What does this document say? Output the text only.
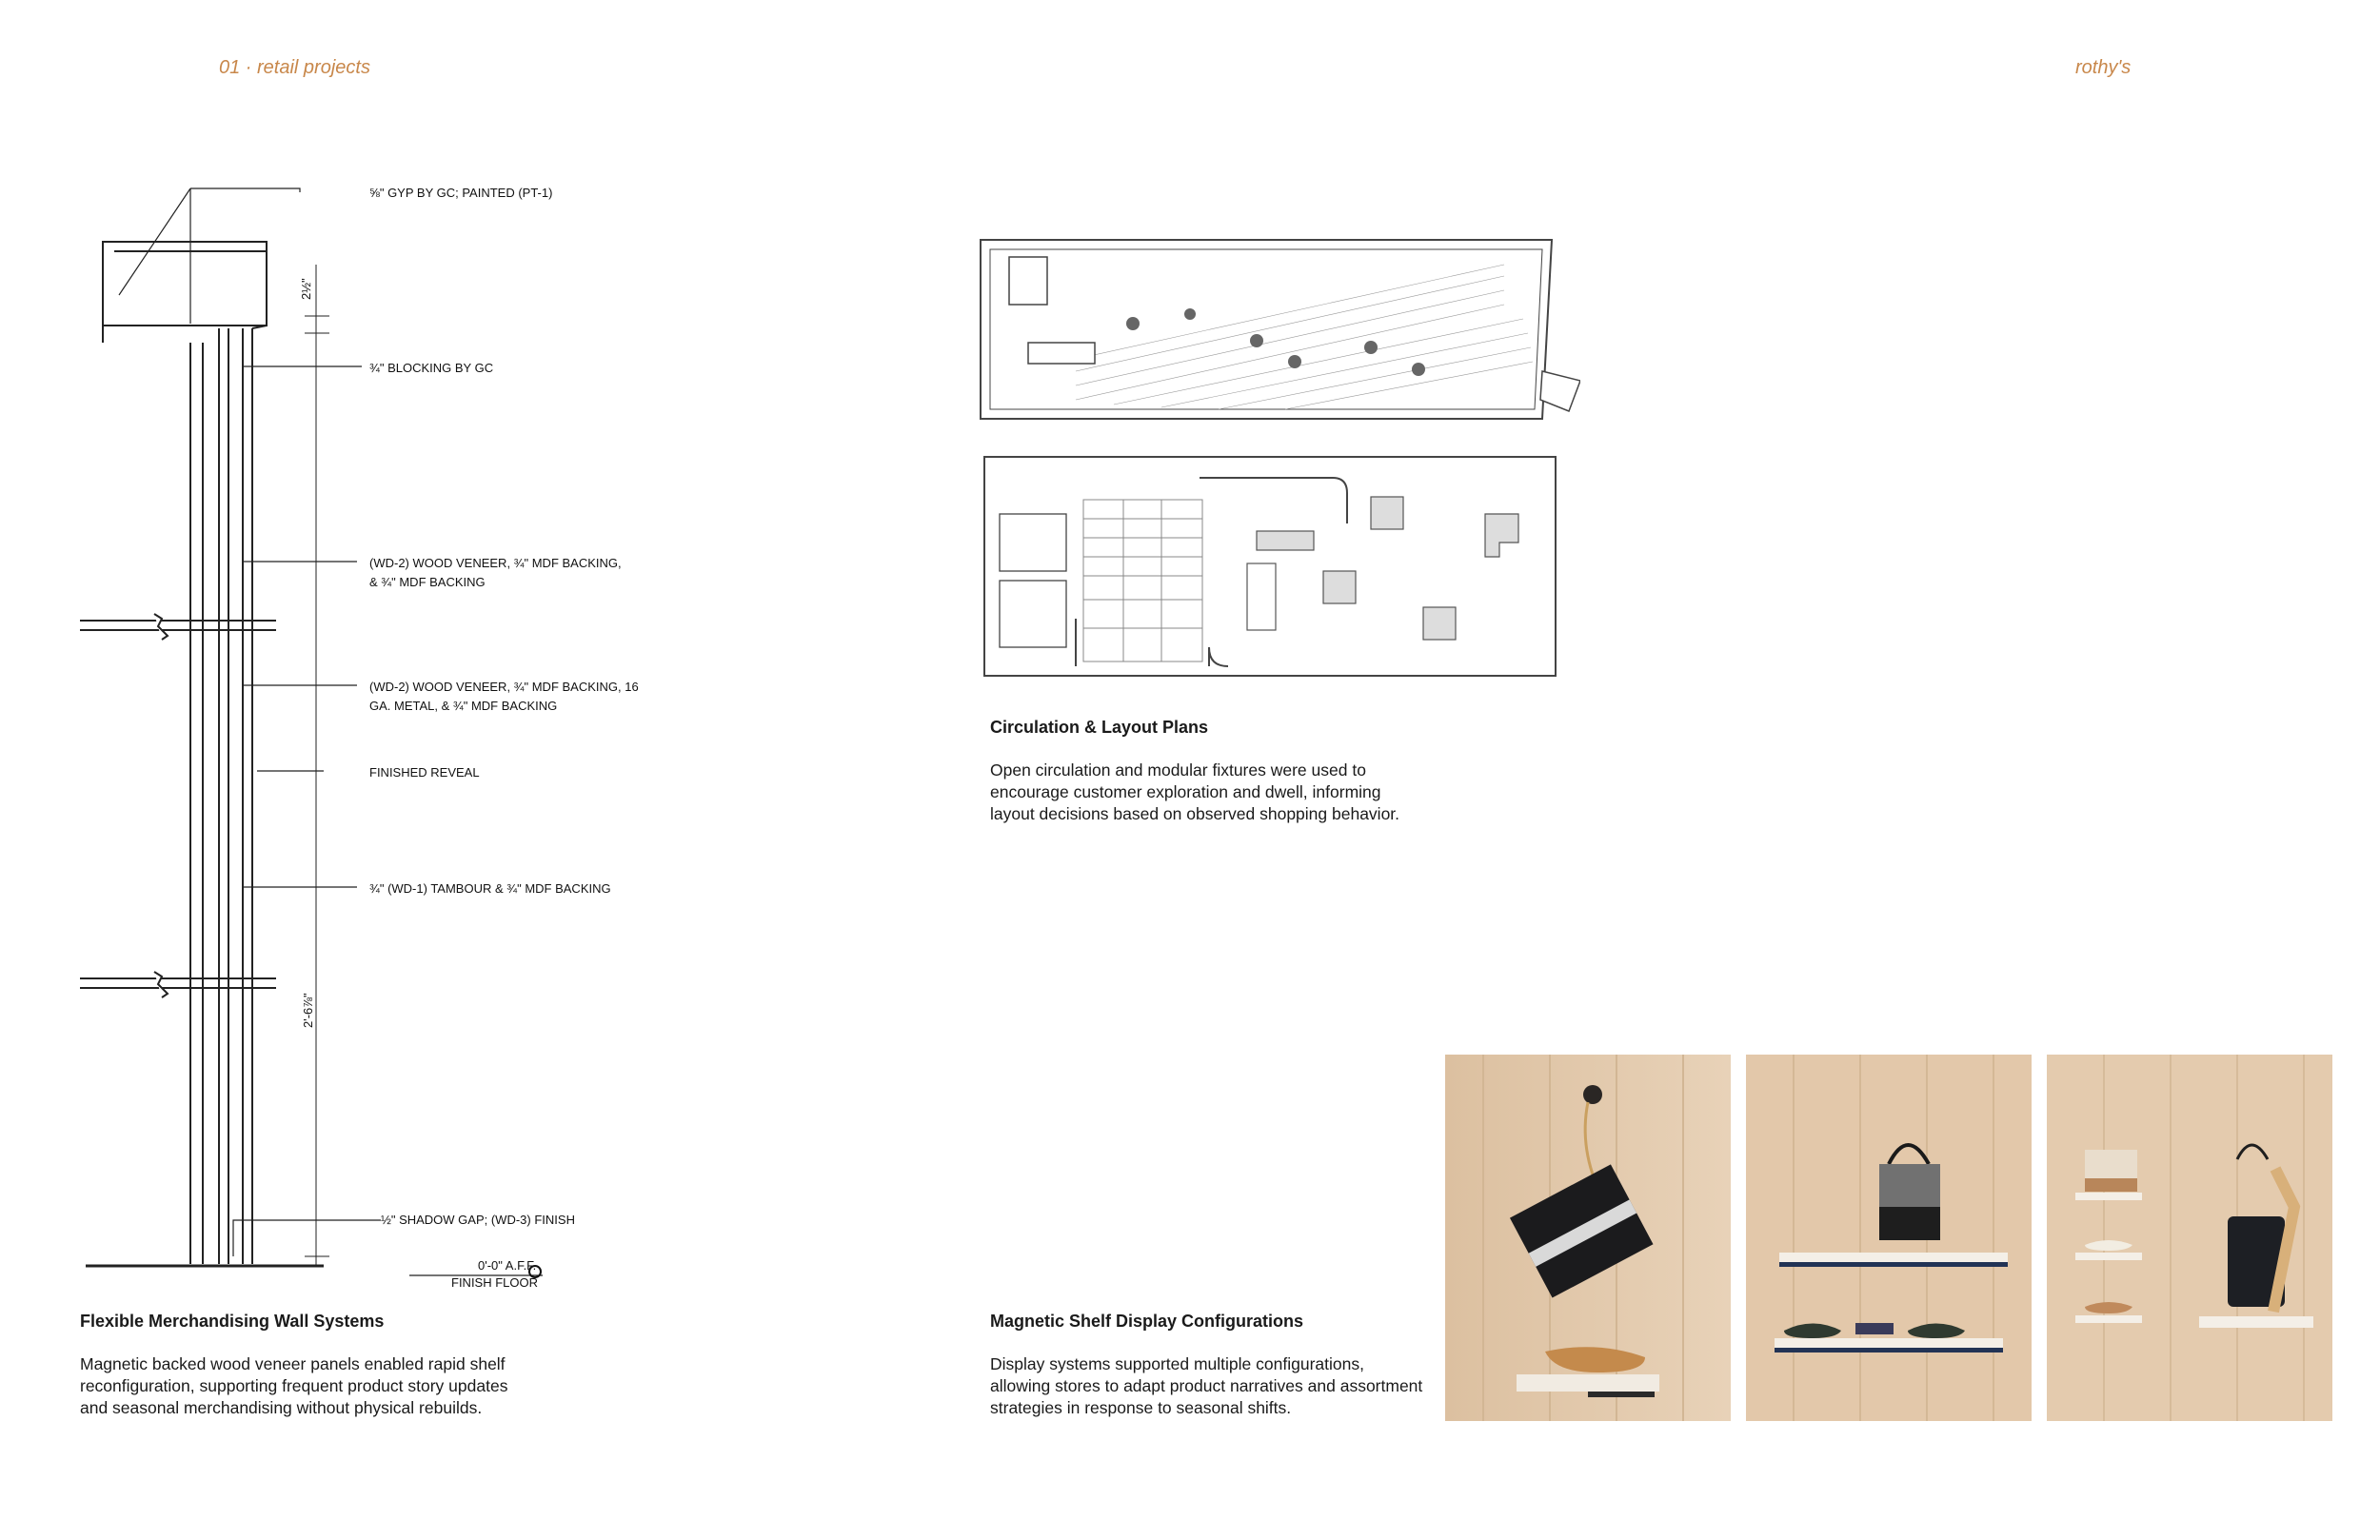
01 · retail projects	rothy's
⅝" GYP BY GC; PAINTED (PT-1)
¾" BLOCKING BY GC
(WD-2) WOOD VENEER, ¾" MDF BACKING,
& ¾" MDF BACKING
(WD-2) WOOD VENEER, ¾" MDF BACKING, 16
GA. METAL, & ¾" MDF BACKING
FINISHED REVEAL
¾" (WD-1) TAMBOUR & ¾" MDF BACKING
½" SHADOW GAP; (WD-3) FINISH
0'-0" A.F.F.
FINISH FLOOR
2½"
2'-6⅞"
Flexible Merchandising Wall Systems

Magnetic backed wood veneer panels enabled rapid shelf reconfiguration, supporting frequent product story updates and seasonal merchandising without physical rebuilds.

Circulation & Layout Plans

Open circulation and modular fixtures were used to encourage customer exploration and dwell, informing layout decisions based on observed shopping behavior.

Magnetic Shelf Display Configurations

Display systems supported multiple configurations, allowing stores to adapt product narratives and assortment strategies in response to seasonal shifts.
